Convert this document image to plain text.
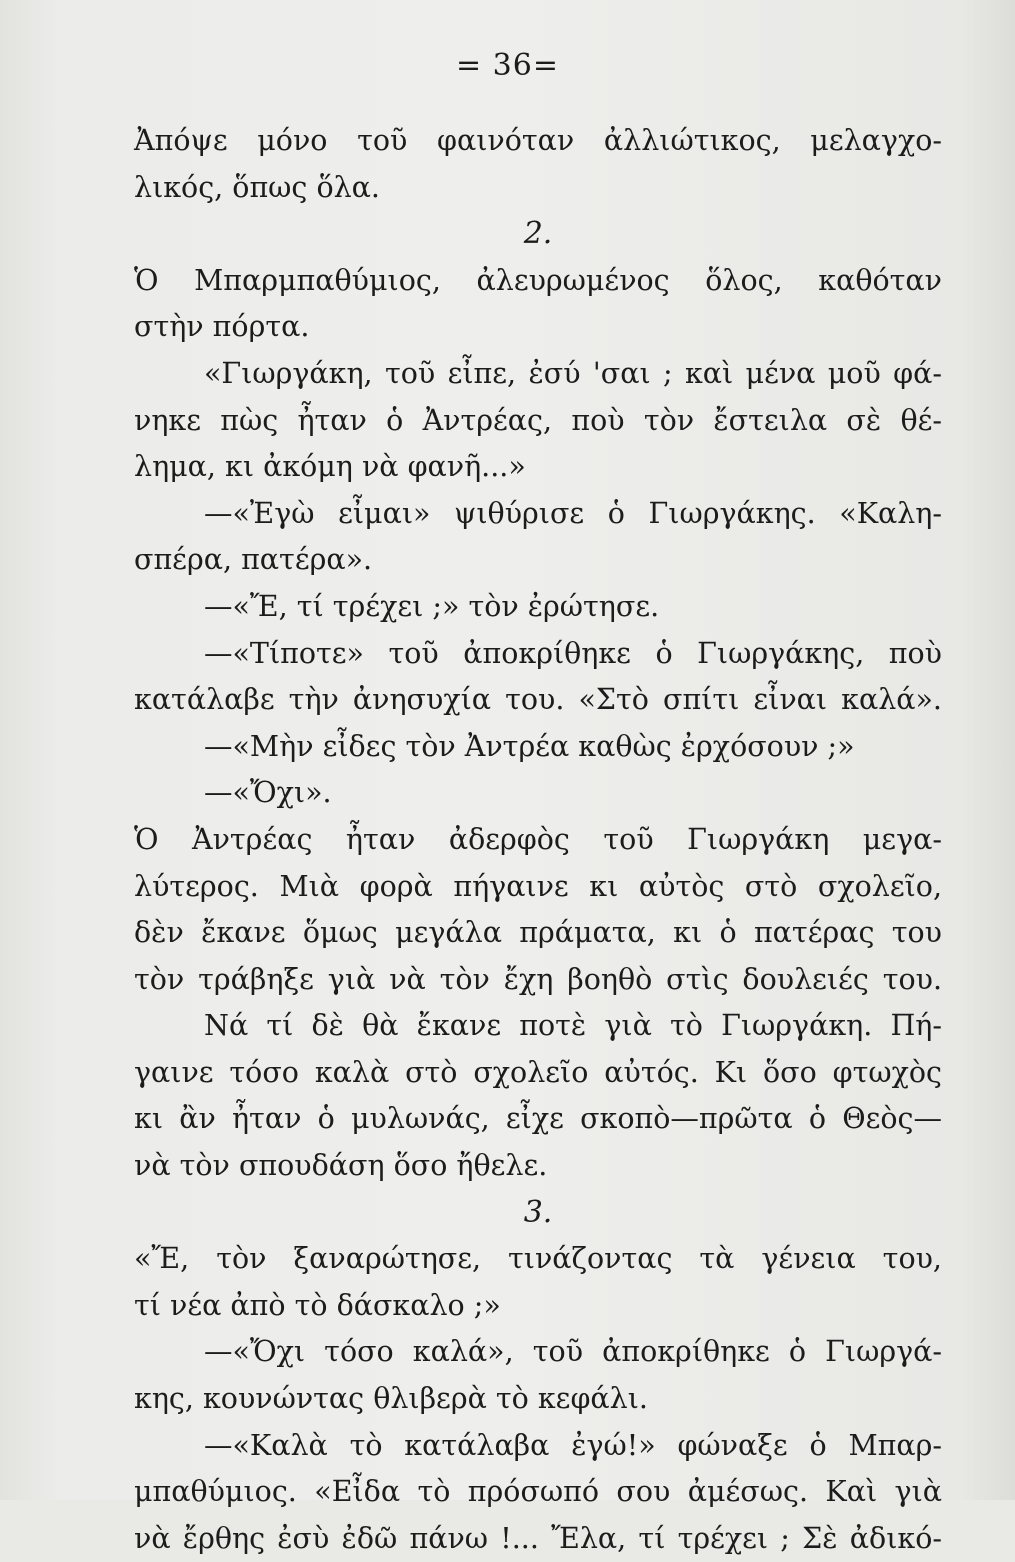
= 36=
Ἀπόψε μόνο τοῦ φαινόταν ἀλλιώτικος, μελαγχο-
λικός, ὅπως ὅλα.
2.
Ὁ Μπαρμπαθύμιος, ἀλευρωμένος ὅλος, καθόταν
στὴν πόρτα.
«Γιωργάκη, τοῦ εἶπε, ἐσύ 'σαι ; καὶ μένα μοῦ φά-
νηκε πὼς ἦταν ὁ Ἀντρέας, ποὺ τὸν ἔστειλα σὲ θέ-
λημα, κι ἀκόμη νὰ φανῆ...»
—«Ἐγὼ εἶμαι» ψιθύρισε ὁ Γιωργάκης. «Καλη-
σπέρα, πατέρα».
—«Ἔ, τί τρέχει ;» τὸν ἐρώτησε.
—«Τίποτε» τοῦ ἀποκρίθηκε ὁ Γιωργάκης, ποὺ
κατάλαβε τὴν ἀνησυχία του. «Στὸ σπίτι εἶναι καλά».
—«Μὴν εἶδες τὸν Ἀντρέα καθὼς ἐρχόσουν ;»
—«Ὄχι».
Ὁ Ἀντρέας ἦταν ἀδερφὸς τοῦ Γιωργάκη μεγα-
λύτερος. Μιὰ φορὰ πήγαινε κι αὐτὸς στὸ σχολεῖο,
δὲν ἔκανε ὅμως μεγάλα πράματα, κι ὁ πατέρας του
τὸν τράβηξε γιὰ νὰ τὸν ἔχη βοηθὸ στὶς δουλειές του.
Νά τί δὲ θὰ ἔκανε ποτὲ γιὰ τὸ Γιωργάκη. Πή-
γαινε τόσο καλὰ στὸ σχολεῖο αὐτός. Κι ὅσο φτωχὸς
κι ἂν ἦταν ὁ μυλωνάς, εἶχε σκοπὸ—πρῶτα ὁ Θεὸς—
νὰ τὸν σπουδάση ὅσο ἤθελε.
3.
«Ἔ, τὸν ξαναρώτησε, τινάζοντας τὰ γένεια του,
τί νέα ἀπὸ τὸ δάσκαλο ;»
—«Ὄχι τόσο καλά», τοῦ ἀποκρίθηκε ὁ Γιωργά-
κης, κουνώντας θλιβερὰ τὸ κεφάλι.
—«Καλὰ τὸ κατάλαβα ἐγώ!» φώναξε ὁ Μπαρ-
μπαθύμιος. «Εἶδα τὸ πρόσωπό σου ἀμέσως. Καὶ γιὰ
νὰ ἔρθης ἐσὺ ἐδῶ πάνω !... Ἔλα, τί τρέχει ; Σὲ ἀδικό-
